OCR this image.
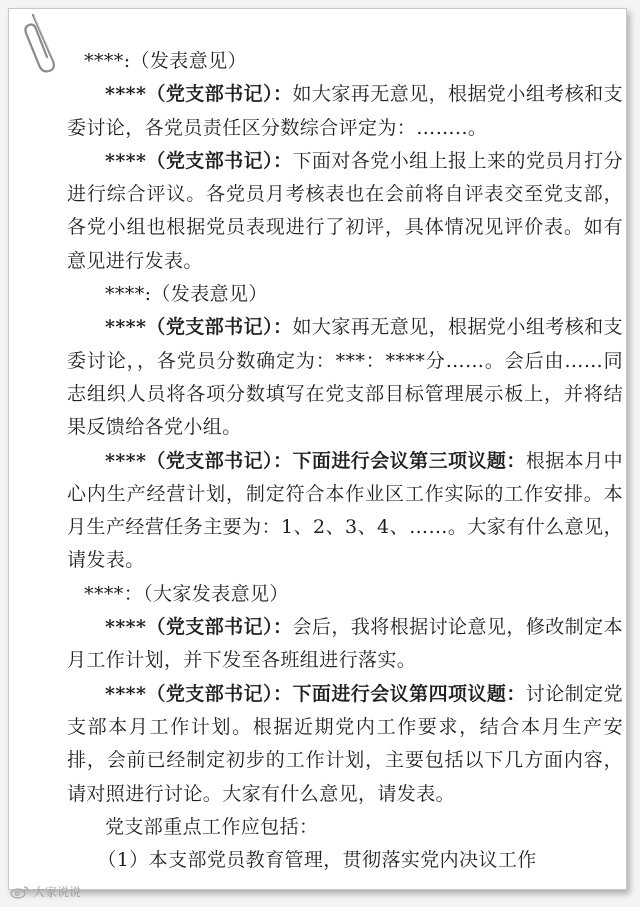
****:（发表意见）

****（党支部书记）：如大家再无意见，根据党小组考核和支委讨论，各党员责任区分数综合评定为：……..。

****（党支部书记）：下面对各党小组上报上来的党员月打分进行综合评议。各党员月考核表也在会前将自评表交至党支部，各党小组也根据党员表现进行了初评，具体情况见评价表。如有意见进行发表。

****:（发表意见）

****（党支部书记）：如大家再无意见，根据党小组考核和支委讨论，，各党员分数确定为：***：****分……。会后由……同志组织人员将各项分数填写在党支部目标管理展示板上，并将结果反馈给各党小组。

****（党支部书记）：下面进行会议第三项议题：根据本月中心内生产经营计划，制定符合本作业区工作实际的工作安排。本月生产经营任务主要为：1、2、3、4、……。大家有什么意见，请发表。

****：（大家发表意见）

****（党支部书记）：会后，我将根据讨论意见，修改制定本月工作计划，并下发至各班组进行落实。

****（党支部书记）：下面进行会议第四项议题：讨论制定党支部本月工作计划。根据近期党内工作要求，结合本月生产安排，会前已经制定初步的工作计划，主要包括以下几方面内容，请对照进行讨论。大家有什么意见，请发表。

党支部重点工作应包括：

（1）本支部党员教育管理，贯彻落实党内决议工作

大家说说
